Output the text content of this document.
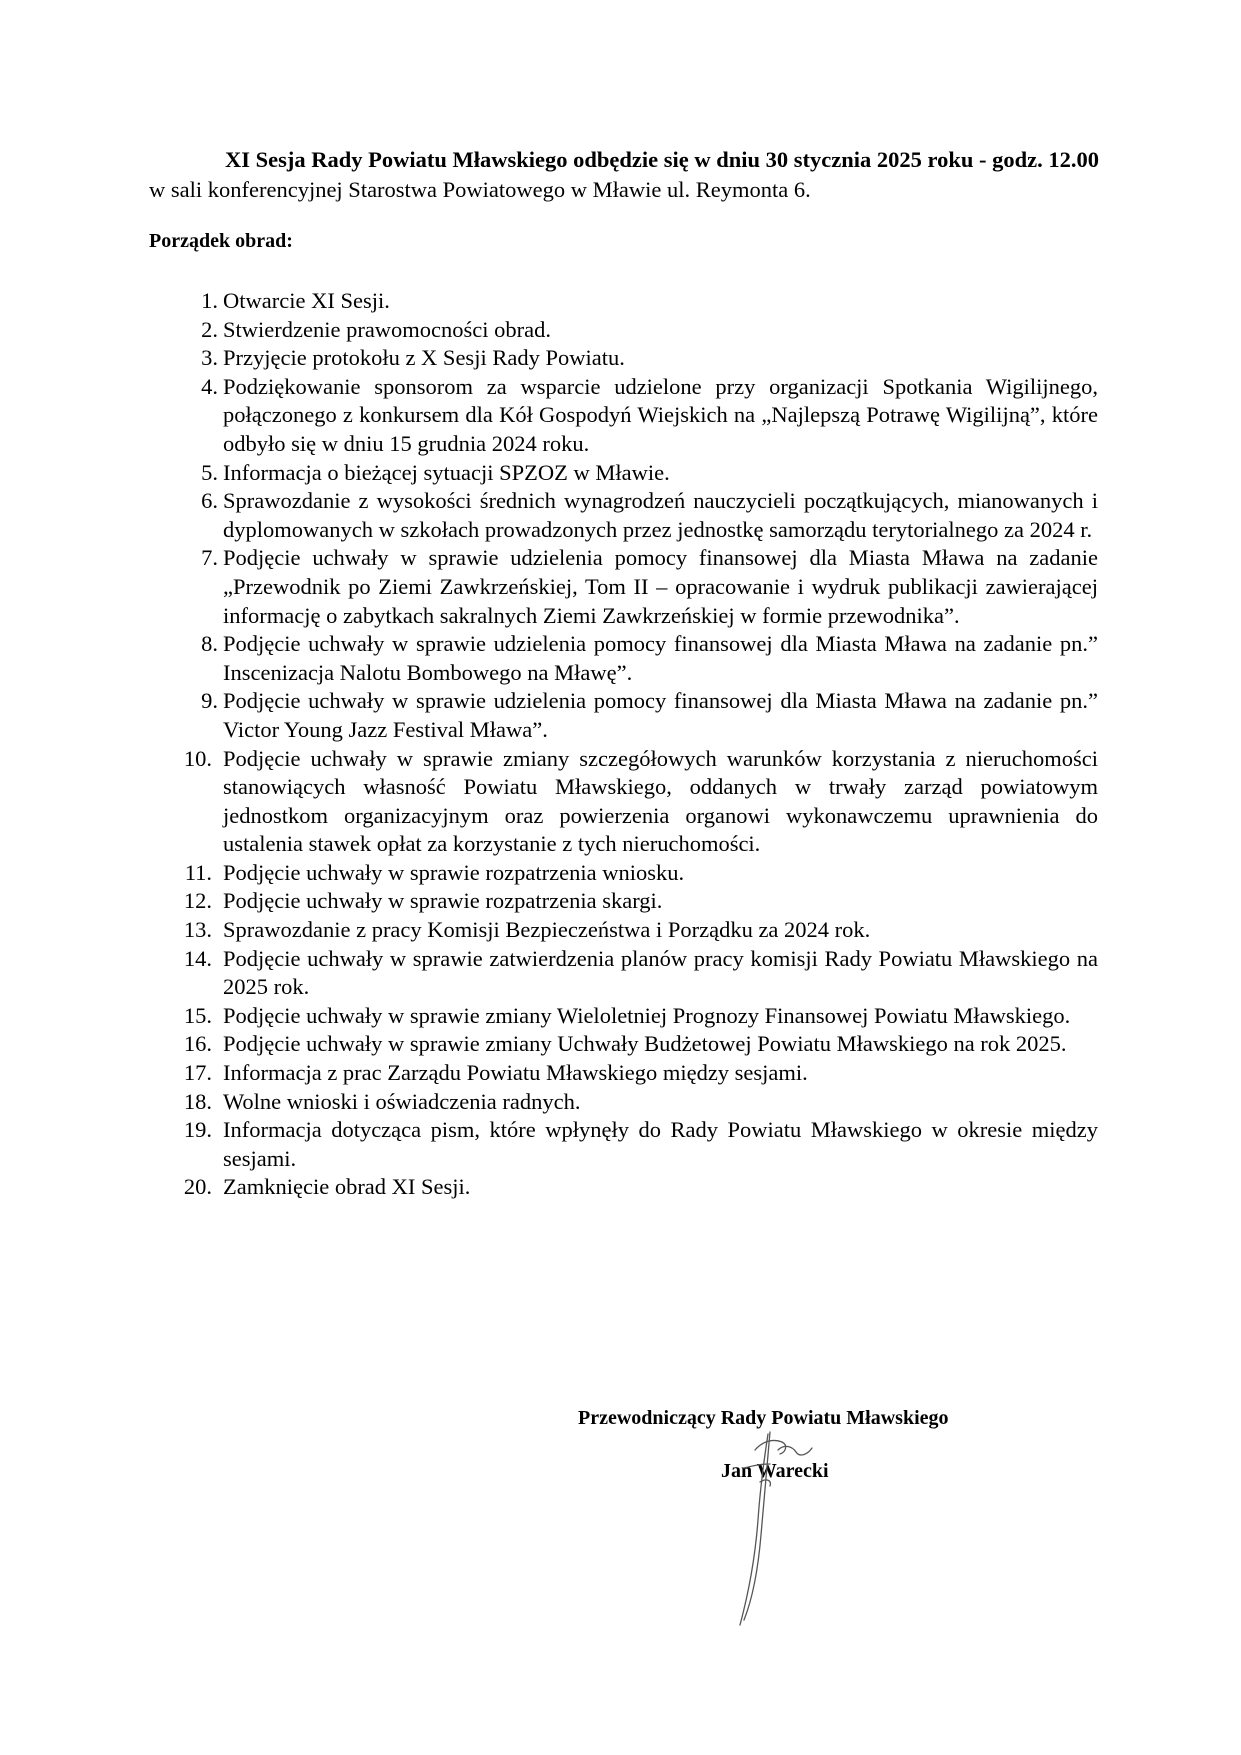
XI Sesja Rady Powiatu Mławskiego odbędzie się w dniu 30 stycznia 2025 roku - godz. 12.00 w sali konferencyjnej Starostwa Powiatowego w Mławie ul. Reymonta 6.

Porządek obrad:

1. Otwarcie XI Sesji.
2. Stwierdzenie prawomocności obrad.
3. Przyjęcie protokołu z X Sesji Rady Powiatu.
4. Podziękowanie sponsorom za wsparcie udzielone przy organizacji Spotkania Wigilijnego, połączonego z konkursem dla Kół Gospodyń Wiejskich na „Najlepszą Potrawę Wigilijną”, które odbyło się w dniu 15 grudnia 2024 roku.
5. Informacja o bieżącej sytuacji SPZOZ w Mławie.
6. Sprawozdanie z wysokości średnich wynagrodzeń nauczycieli początkujących, mianowanych i dyplomowanych w szkołach prowadzonych przez jednostkę samorządu terytorialnego za 2024 r.
7. Podjęcie uchwały w sprawie udzielenia pomocy finansowej dla Miasta Mława na zadanie „Przewodnik po Ziemi Zawkrzeńskiej, Tom II – opracowanie i wydruk publikacji zawierającej informację o zabytkach sakralnych Ziemi Zawkrzeńskiej w formie przewodnika”.
8. Podjęcie uchwały w sprawie udzielenia pomocy finansowej dla Miasta Mława na zadanie pn.” Inscenizacja Nalotu Bombowego na Mławę”.
9. Podjęcie uchwały w sprawie udzielenia pomocy finansowej dla Miasta Mława na zadanie pn.” Victor Young Jazz Festival Mława”.
10. Podjęcie uchwały w sprawie zmiany szczegółowych warunków korzystania z nieruchomości stanowiących własność Powiatu Mławskiego, oddanych w trwały zarząd powiatowym jednostkom organizacyjnym oraz powierzenia organowi wykonawczemu uprawnienia do ustalenia stawek opłat za korzystanie z tych nieruchomości.
11. Podjęcie uchwały w sprawie rozpatrzenia wniosku.
12. Podjęcie uchwały w sprawie rozpatrzenia skargi.
13. Sprawozdanie z pracy Komisji Bezpieczeństwa i Porządku za 2024 rok.
14. Podjęcie uchwały w sprawie zatwierdzenia planów pracy komisji Rady Powiatu Mławskiego na 2025 rok.
15. Podjęcie uchwały w sprawie zmiany Wieloletniej Prognozy Finansowej Powiatu Mławskiego.
16. Podjęcie uchwały w sprawie zmiany Uchwały Budżetowej Powiatu Mławskiego na rok 2025.
17. Informacja z prac Zarządu Powiatu Mławskiego między sesjami.
18. Wolne wnioski i oświadczenia radnych.
19. Informacja dotycząca pism, które wpłynęły do Rady Powiatu Mławskiego w okresie między sesjami.
20. Zamknięcie obrad XI Sesji.

Przewodniczący Rady Powiatu Mławskiego

Jan Warecki
